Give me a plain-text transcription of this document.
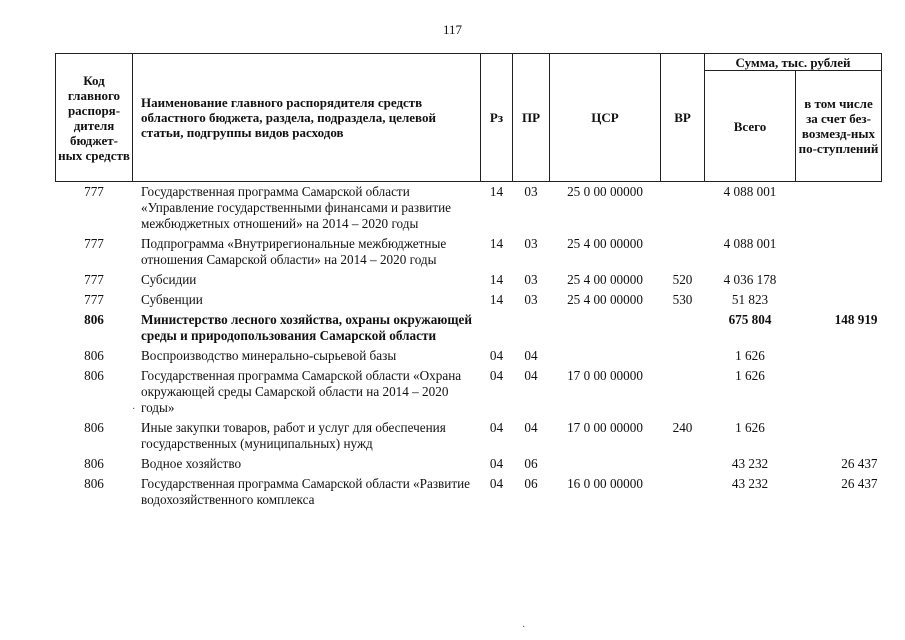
117
Код главного распоря-дителя бюджет-ных средств	Наименование главного распорядителя средств областного бюджета, раздела, подраздела, целевой статьи, подгруппы видов расходов	Рз	ПР	ЦСР	ВР	Сумма, тыс. рублей	
						Всего	в том числе за счет без-возмезд-ных по-ступлений
777	Государственная программа Самарской области «Управление государственными финансами и развитие межбюджетных отношений» на 2014 – 2020 годы	14	03	25 0 00 00000		4 088 001	
777	Подпрограмма «Внутрирегиональные межбюджетные отношения Самарской области» на 2014 – 2020 годы	14	03	25 4 00 00000		4 088 001	
777	Субсидии	14	03	25 4 00 00000	520	4 036 178	
777	Субвенции	14	03	25 4 00 00000	530	51 823	
806	Министерство лесного хозяйства, охраны окружающей среды и природопользования Самарской области					675 804	148 919
806	Воспроизводство минерально-сырьевой базы	04	04			1 626	
806	Государственная программа Самарской области «Охрана окружающей среды Самарской области на 2014 – 2020 годы»	04	04	17 0 00 00000		1 626	
806	Иные закупки товаров, работ и услуг для обеспечения государственных (муниципальных) нужд	04	04	17 0 00 00000	240	1 626	
806	Водное хозяйство	04	06			43 232	26 437
806	Государственная программа Самарской области «Развитие водохозяйственного комплекса	04	06	16 0 00 00000		43 232	26 437
·
·
